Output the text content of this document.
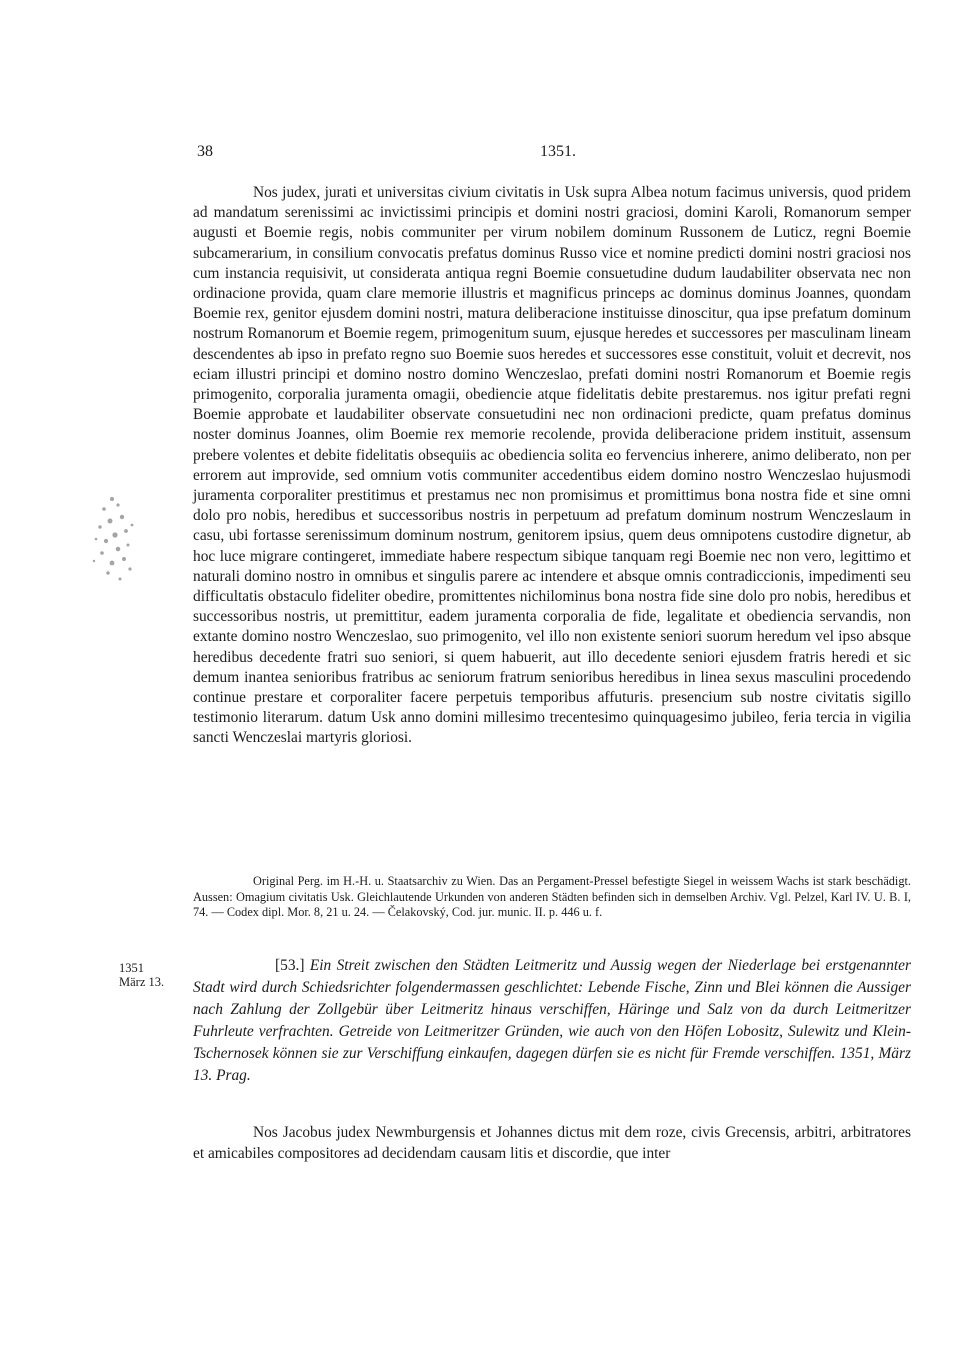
38	1351.

Nos judex, jurati et universitas civium civitatis in Usk supra Albea notum facimus universis, quod pridem ad mandatum serenissimi ac invictissimi principis et domini nostri graciosi, domini Karoli, Romanorum semper augusti et Boemie regis, nobis communiter per virum nobilem dominum Russonem de Luticz, regni Boemie subcamerarium, in consilium convocatis prefatus dominus Russo vice et nomine predicti domini nostri graciosi nos cum instancia requisivit, ut considerata antiqua regni Boemie consuetudine dudum laudabiliter observata nec non ordinacione provida, quam clare memorie illustris et magnificus princeps ac dominus dominus Joannes, quondam Boemie rex, genitor ejusdem domini nostri, matura deliberacione instituisse dinoscitur, qua ipse prefatum dominum nostrum Romanorum et Boemie regem, primogenitum suum, ejusque heredes et successores per masculinam lineam descendentes ab ipso in prefato regno suo Boemie suos heredes et successores esse constituit, voluit et decrevit, nos eciam illustri principi et domino nostro domino Wenczeslao, prefati domini nostri Romanorum et Boemie regis primogenito, corporalia juramenta omagii, obediencie atque fidelitatis debite prestaremus. nos igitur prefati regni Boemie approbate et laudabiliter observate consuetudini nec non ordinacioni predicte, quam prefatus dominus noster dominus Joannes, olim Boemie rex memorie recolende, provida deliberacione pridem instituit, assensum prebere volentes et debite fidelitatis obsequiis ac obediencia solita eo fervencius inherere, animo deliberato, non per errorem aut improvide, sed omnium votis communiter accedentibus eidem domino nostro Wenczeslao hujusmodi juramenta corporaliter prestitimus et prestamus nec non promisimus et promittimus bona nostra fide et sine omni dolo pro nobis, heredibus et successoribus nostris in perpetuum ad prefatum dominum nostrum Wenczeslaum in casu, ubi fortasse serenissimum dominum nostrum, genitorem ipsius, quem deus omnipotens custodire dignetur, ab hoc luce migrare contingeret, immediate habere respectum sibique tanquam regi Boemie nec non vero, legittimo et naturali domino nostro in omnibus et singulis parere ac intendere et absque omnis contradiccionis, impedimenti seu difficultatis obstaculo fideliter obedire, promittentes nichilominus bona nostra fide sine dolo pro nobis, heredibus et successoribus nostris, ut premittitur, eadem juramenta corporalia de fide, legalitate et obediencia servandis, non extante domino nostro Wenczeslao, suo primogenito, vel illo non existente seniori suorum heredum vel ipso absque heredibus decedente fratri suo seniori, si quem habuerit, aut illo decedente seniori ejusdem fratris heredi et sic demum inantea senioribus fratribus ac seniorum fratrum senioribus heredibus in linea sexus masculini procedendo continue prestare et corporaliter facere perpetuis temporibus affuturis. presencium sub nostre civitatis sigillo testimonio literarum. datum Usk anno domini millesimo trecentesimo quinquagesimo jubileo, feria tercia in vigilia sancti Wenczeslai martyris gloriosi.

Original Perg. im H.-H. u. Staatsarchiv zu Wien. Das an Pergament-Pressel befestigte Siegel in weissem Wachs ist stark beschädigt. Aussen: Omagium civitatis Usk. Gleichlautende Urkunden von anderen Städten befinden sich in demselben Archiv. Vgl. Pelzel, Karl IV. U. B. I, 74. — Codex dipl. Mor. 8, 21 u. 24. — Čelakovský, Cod. jur. munic. II. p. 446 u. f.

1351
März 13.

[53.] Ein Streit zwischen den Städten Leitmeritz und Aussig wegen der Niederlage bei erstgenannter Stadt wird durch Schiedsrichter folgendermassen geschlichtet: Lebende Fische, Zinn und Blei können die Aussiger nach Zahlung der Zollgebür über Leitmeritz hinaus verschiffen, Häringe und Salz von da durch Leitmeritzer Fuhrleute verfrachten. Getreide von Leitmeritzer Gründen, wie auch von den Höfen Lobositz, Sulewitz und Klein-Tschernosek können sie zur Verschiffung einkaufen, dagegen dürfen sie es nicht für Fremde verschiffen. 1351, März 13. Prag.

Nos Jacobus judex Newmburgensis et Johannes dictus mit dem roze, civis Grecensis, arbitri, arbitratores et amicabiles compositores ad decidendam causam litis et discordie, que inter
